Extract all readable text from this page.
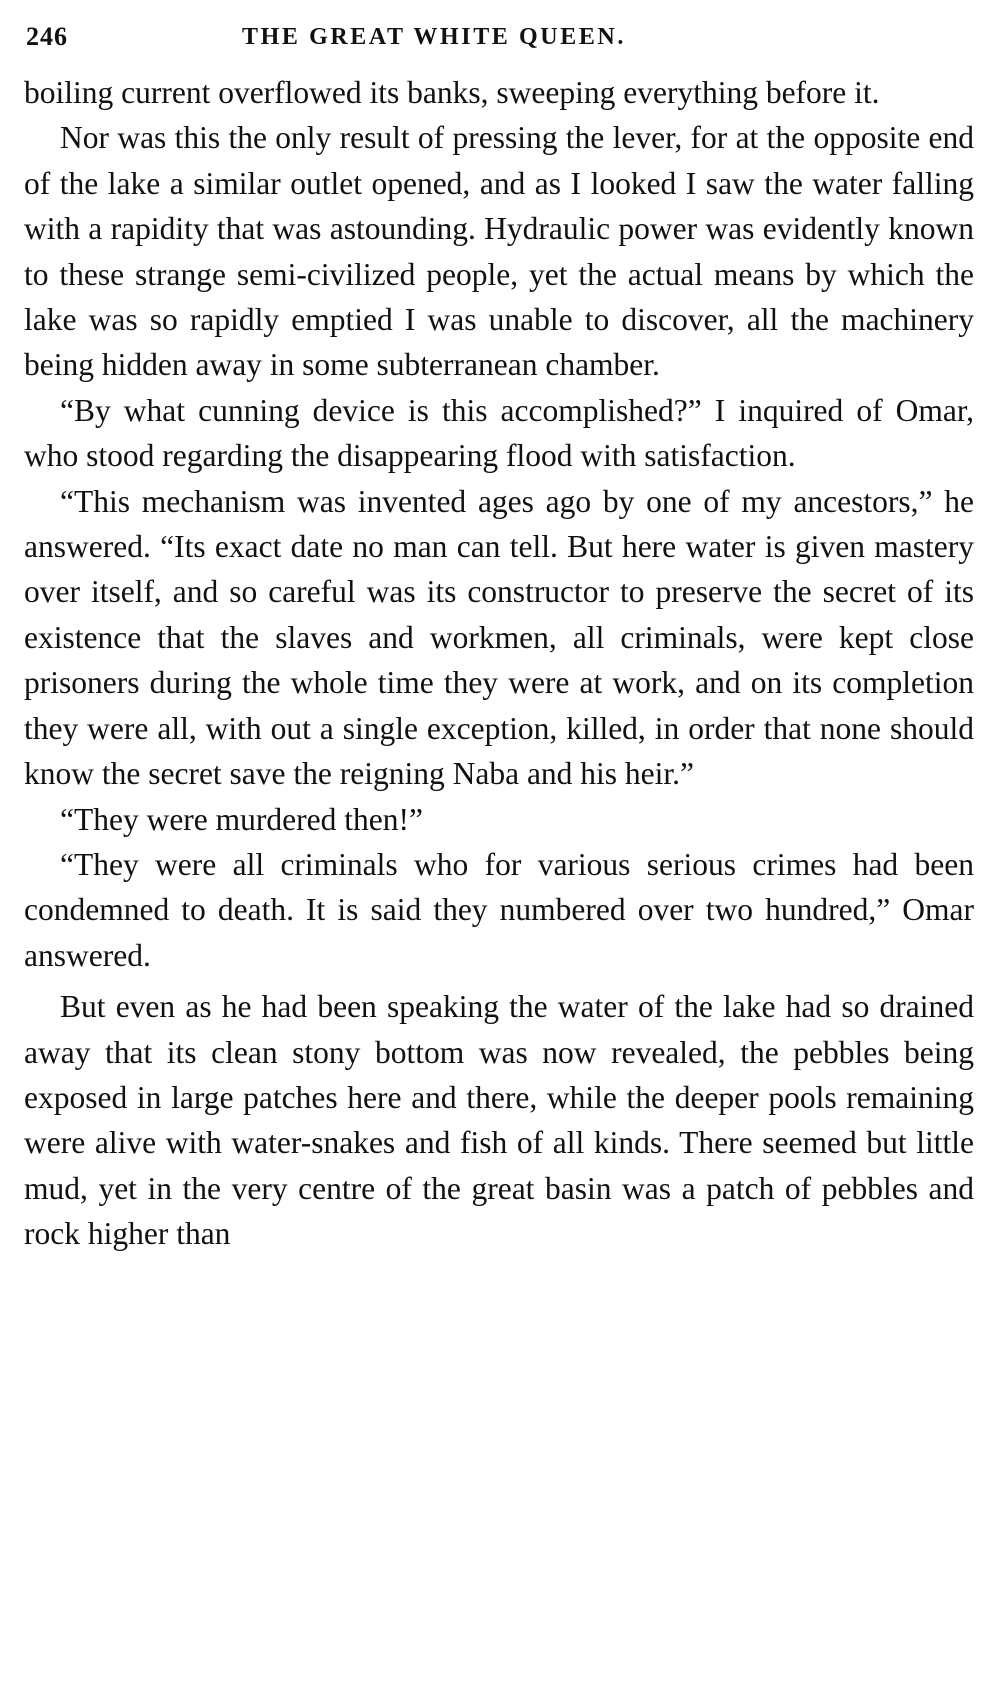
246	THE GREAT WHITE QUEEN.

boiling current overflowed its banks, sweeping everything before it.

Nor was this the only result of pressing the lever, for at the opposite end of the lake a similar outlet opened, and as I looked I saw the water falling with a rapidity that was astounding. Hydraulic power was evidently known to these strange semi-civilized people, yet the actual means by which the lake was so rapidly emptied I was unable to discover, all the machinery being hidden away in some subterranean chamber.

“By what cunning device is this accomplished?” I inquired of Omar, who stood regarding the disappearing flood with satisfaction.

“This mechanism was invented ages ago by one of my ancestors,” he answered. “Its exact date no man can tell. But here water is given mastery over itself, and so careful was its constructor to preserve the secret of its existence that the slaves and workmen, all criminals, were kept close prisoners during the whole time they were at work, and on its completion they were all, with out a single exception, killed, in order that none should know the secret save the reigning Naba and his heir.”

“They were murdered then!”

“They were all criminals who for various serious crimes had been condemned to death. It is said they numbered over two hundred,” Omar answered.

But even as he had been speaking the water of the lake had so drained away that its clean stony bottom was now revealed, the pebbles being exposed in large patches here and there, while the deeper pools remaining were alive with water-snakes and fish of all kinds. There seemed but little mud, yet in the very centre of the great basin was a patch of pebbles and rock higher than
